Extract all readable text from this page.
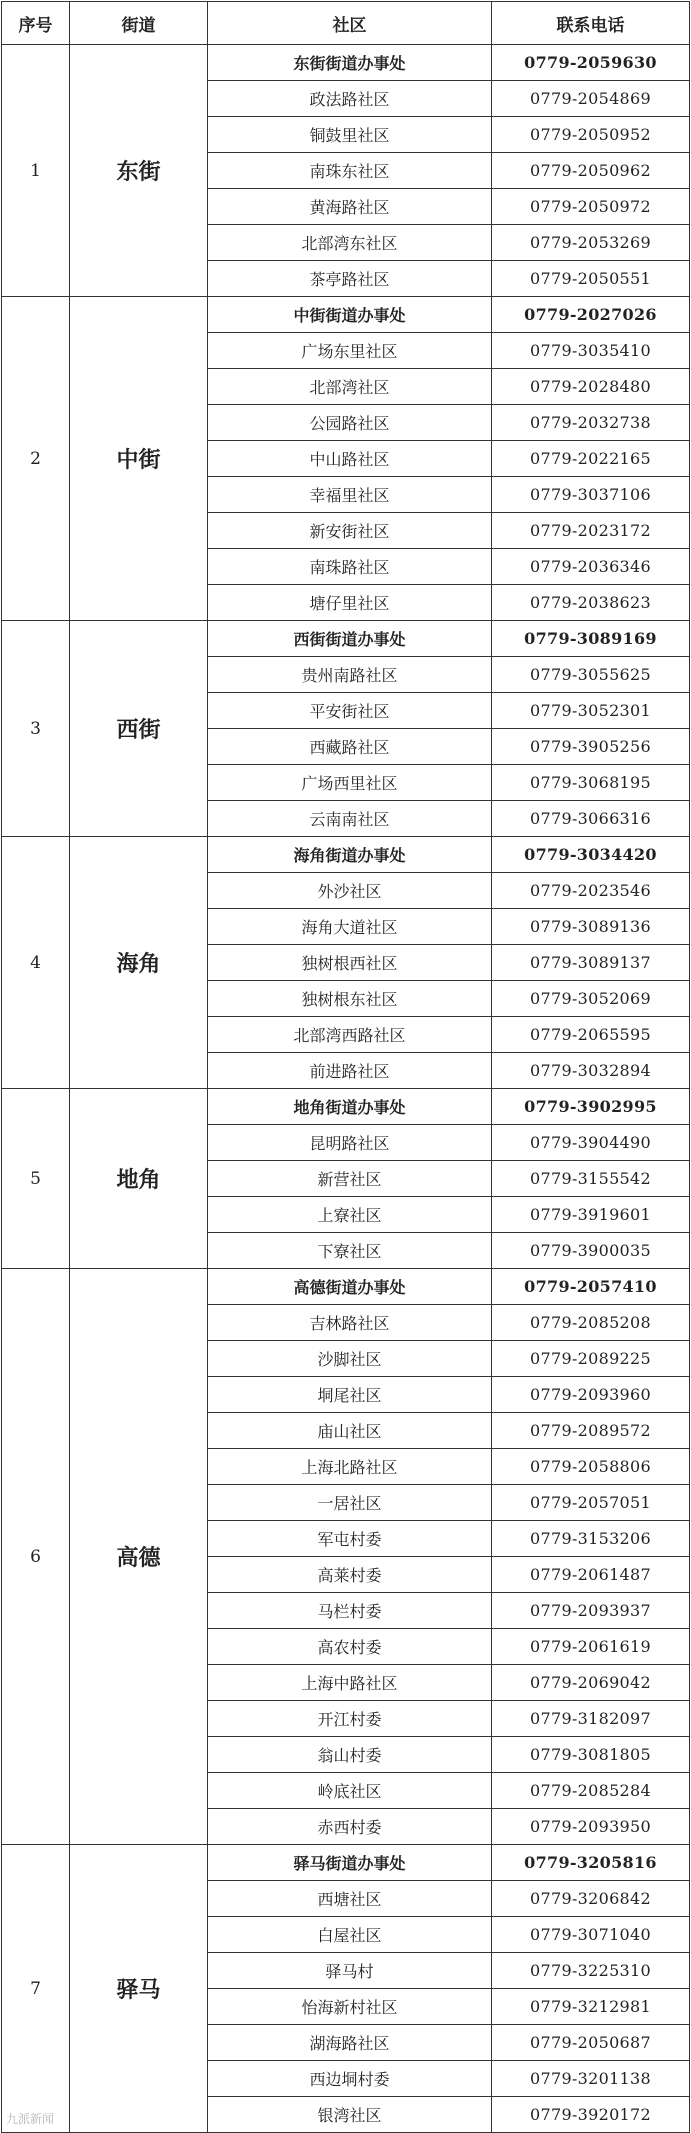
序号	街道	社区	联系电话
1	东街	东街街道办事处	0779-2059630
		政法路社区	0779-2054869
		铜鼓里社区	0779-2050952
		南珠东社区	0779-2050962
		黄海路社区	0779-2050972
		北部湾东社区	0779-2053269
		茶亭路社区	0779-2050551
2	中街	中街街道办事处	0779-2027026
		广场东里社区	0779-3035410
		北部湾社区	0779-2028480
		公园路社区	0779-2032738
		中山路社区	0779-2022165
		幸福里社区	0779-3037106
		新安街社区	0779-2023172
		南珠路社区	0779-2036346
		塘仔里社区	0779-2038623
3	西街	西街街道办事处	0779-3089169
		贵州南路社区	0779-3055625
		平安街社区	0779-3052301
		西藏路社区	0779-3905256
		广场西里社区	0779-3068195
		云南南社区	0779-3066316
4	海角	海角街道办事处	0779-3034420
		外沙社区	0779-2023546
		海角大道社区	0779-3089136
		独树根西社区	0779-3089137
		独树根东社区	0779-3052069
		北部湾西路社区	0779-2065595
		前进路社区	0779-3032894
5	地角	地角街道办事处	0779-3902995
		昆明路社区	0779-3904490
		新营社区	0779-3155542
		上寮社区	0779-3919601
		下寮社区	0779-3900035
6	高德	高德街道办事处	0779-2057410
		吉林路社区	0779-2085208
		沙脚社区	0779-2089225
		垌尾社区	0779-2093960
		庙山社区	0779-2089572
		上海北路社区	0779-2058806
		一居社区	0779-2057051
		军屯村委	0779-3153206
		高莱村委	0779-2061487
		马栏村委	0779-2093937
		高农村委	0779-2061619
		上海中路社区	0779-2069042
		开江村委	0779-3182097
		翁山村委	0779-3081805
		岭底社区	0779-2085284
		赤西村委	0779-2093950
7	驿马	驿马街道办事处	0779-3205816
		西塘社区	0779-3206842
		白屋社区	0779-3071040
		驿马村	0779-3225310
		怡海新村社区	0779-3212981
		湖海路社区	0779-2050687
		西边垌村委	0779-3201138
		银湾社区	0779-3920172
九派新闻
